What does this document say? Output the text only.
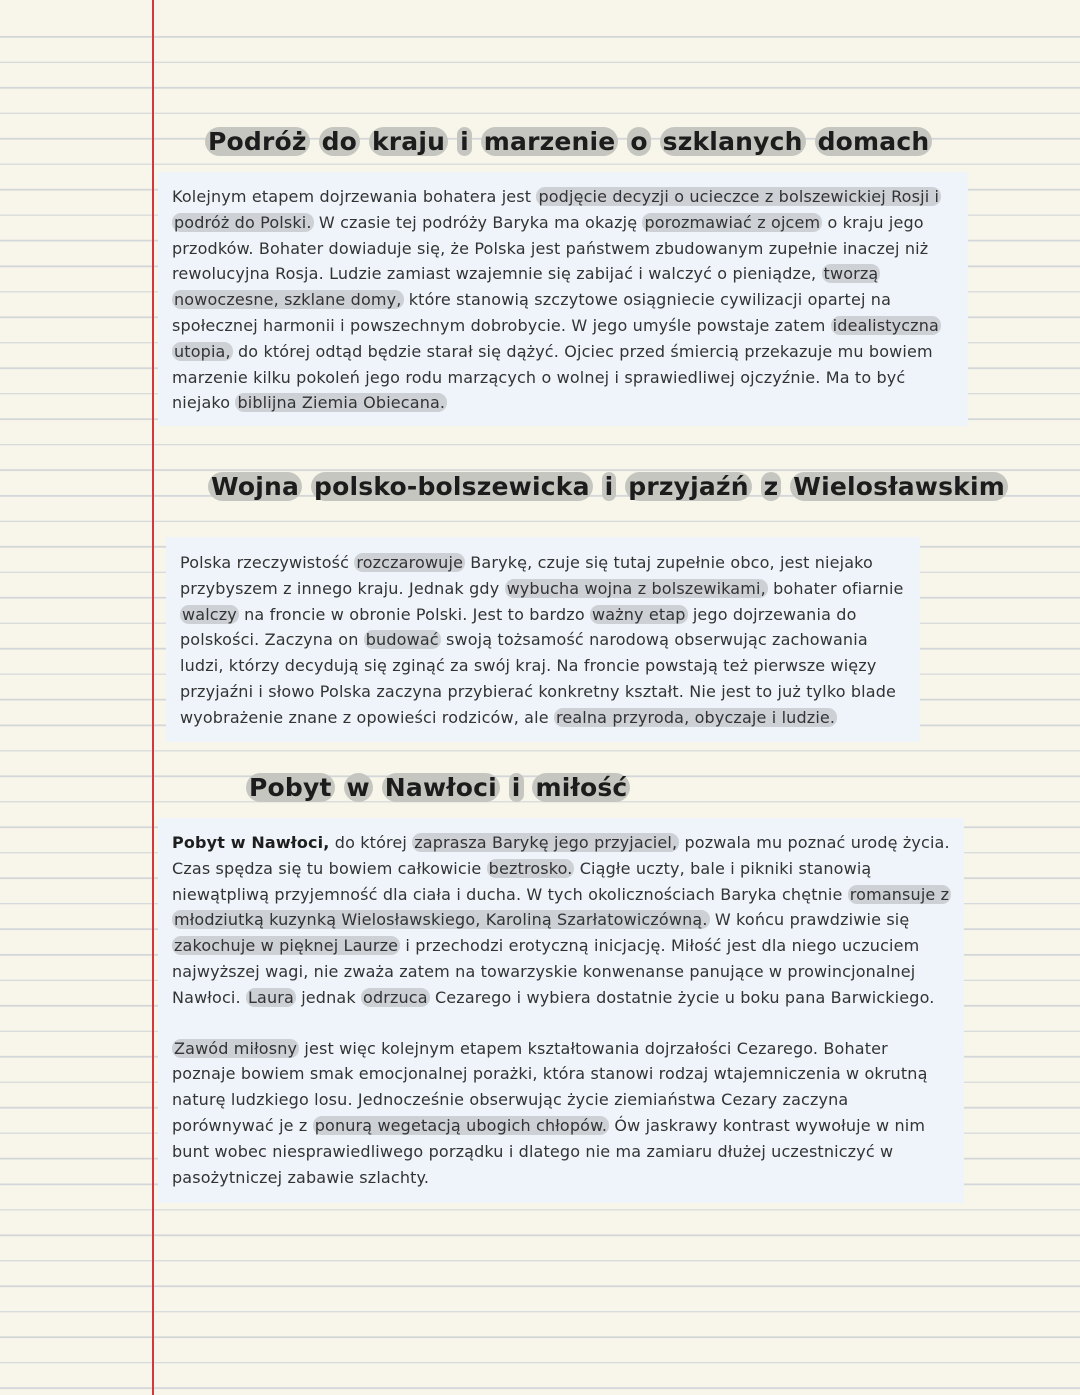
Podróż do kraju i marzenie o szklanych domach

Kolejnym etapem dojrzewania bohatera jest podjęcie decyzji o ucieczce z bolszewickiej Rosji i podróż do Polski. W czasie tej podróży Baryka ma okazję porozmawiać z ojcem o kraju jego przodków. Bohater dowiaduje się, że Polska jest państwem zbudowanym zupełnie inaczej niż rewolucyjna Rosja. Ludzie zamiast wzajemnie się zabijać i walczyć o pieniądze, tworzą nowoczesne, szklane domy, które stanowią szczytowe osiągniecie cywilizacji opartej na społecznej harmonii i powszechnym dobrobycie. W jego umyśle powstaje zatem idealistyczna utopia, do której odtąd będzie starał się dążyć. Ojciec przed śmiercią przekazuje mu bowiem marzenie kilku pokoleń jego rodu marzących o wolnej i sprawiedliwej ojczyźnie. Ma to być niejako biblijna Ziemia Obiecana.

Wojna polsko-bolszewicka i przyjaźń z Wielosławskim

Polska rzeczywistość rozczarowuje Barykę, czuje się tutaj zupełnie obco, jest niejako przybyszem z innego kraju. Jednak gdy wybucha wojna z bolszewikami, bohater ofiarnie walczy na froncie w obronie Polski. Jest to bardzo ważny etap jego dojrzewania do polskości. Zaczyna on budować swoją tożsamość narodową obserwując zachowania ludzi, którzy decydują się zginąć za swój kraj. Na froncie powstają też pierwsze więzy przyjaźni i słowo Polska zaczyna przybierać konkretny kształt. Nie jest to już tylko blade wyobrażenie znane z opowieści rodziców, ale realna przyroda, obyczaje i ludzie.

Pobyt w Nawłoci i miłość

Pobyt w Nawłoci, do której zaprasza Barykę jego przyjaciel, pozwala mu poznać urodę życia. Czas spędza się tu bowiem całkowicie beztrosko. Ciągłe uczty, bale i pikniki stanowią niewątpliwą przyjemność dla ciała i ducha. W tych okolicznościach Baryka chętnie romansuje z młodziutką kuzynką Wielosławskiego, Karoliną Szarłatowiczówną. W końcu prawdziwie się zakochuje w pięknej Laurze i przechodzi erotyczną inicjację. Miłość jest dla niego uczuciem najwyższej wagi, nie zważa zatem na towarzyskie konwenanse panujące w prowincjonalnej Nawłoci. Laura jednak odrzuca Cezarego i wybiera dostatnie życie u boku pana Barwickiego.

Zawód miłosny jest więc kolejnym etapem kształtowania dojrzałości Cezarego. Bohater poznaje bowiem smak emocjonalnej porażki, która stanowi rodzaj wtajemniczenia w okrutną naturę ludzkiego losu. Jednocześnie obserwując życie ziemiaństwa Cezary zaczyna porównywać je z ponurą wegetacją ubogich chłopów. Ów jaskrawy kontrast wywołuje w nim bunt wobec niesprawiedliwego porządku i dlatego nie ma zamiaru dłużej uczestniczyć w pasożytniczej zabawie szlachty.
